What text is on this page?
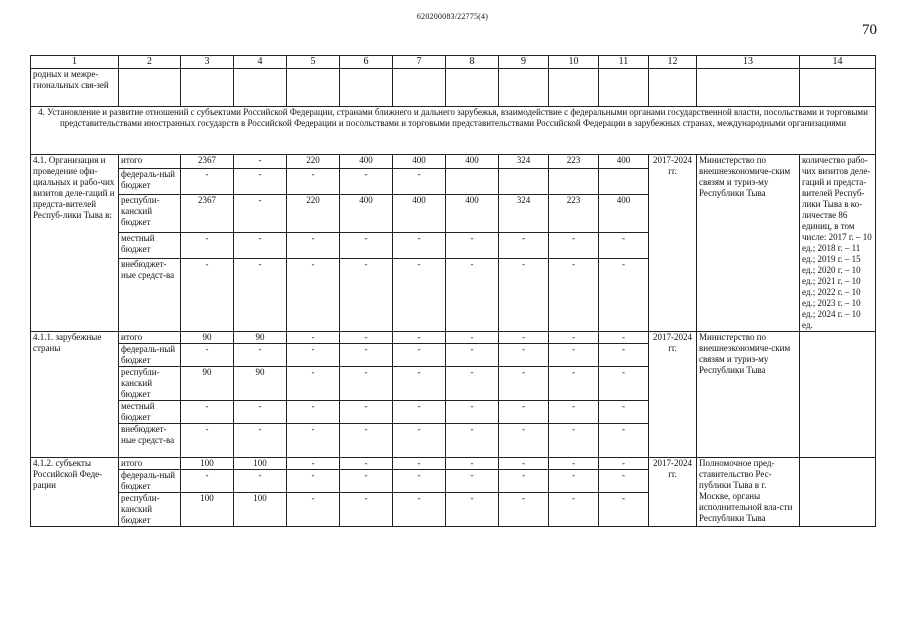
620200083/22775(4)
70
1	2	3	4	5	6	7	8	9	10	11	12	13	14
родных и межре-гиональных свя-зей													
4. Установление и развитие отношений с субъектами Российской Федерации, странами ближнего и дальнего зарубежья, взаимодействие с федеральными органами государственной власти, посольствами и торговыми представительствами иностранных государств в Российской Федерации и посольствами и торговыми представительствами Российской Федерации в зарубежных странах, международными организациями													
4.1. Организация и проведение офи-циальных и рабо-чих визитов деле-гаций и предста-вителей Респуб-лики Тыва в:	итого	2367	-	220	400	400	400	324	223	400	2017-2024 гг.	Министерство по внешнеэкономиче-ским связям и туриз-му Республики Тыва	количество рабо-чих визитов деле-гаций и предста-вителей Респуб-лики Тыва в ко-личестве 86 единиц, в том числе: 2017 г. – 10 ед.; 2018 г. – 11 ед.; 2019 г. – 15 ед.; 2020 г. – 10 ед.; 2021 г. – 10 ед.; 2022 г. – 10 ед.; 2023 г. – 10 ед.; 2024 г. – 10 ед.
	федераль-ный бюджет	-	-	-	-	-							
	республи-канский бюджет	2367	-	220	400	400	400	324	223	400			
	местный бюджет	-	-	-	-	-	-	-	-	-			
	внебюджет-ные средст-ва	-	-	-	-	-	-	-	-	-			
4.1.1. зарубежные страны	итого	90	90	-	-	-	-	-	-	-	2017-2024 гг.	Министерство по внешнеэкономиче-ским связям и туриз-му Республики Тыва	
	федераль-ный бюджет	-	-	-	-	-	-	-	-	-			
	республи-канский бюджет	90	90	-	-	-	-	-	-	-			
	местный бюджет	-	-	-	-	-	-	-	-	-			
	внебюджет-ные средст-ва	-	-	-	-	-	-	-	-	-			
4.1.2. субъекты Российской Феде-рации	итого	100	100	-	-	-	-	-	-	-	2017-2024 гг.	Полномочное пред-ставительство Рес-публики Тыва в г. Москве, органы исполнительной вла-сти Республики Тыва	
	федераль-ный бюджет	-	-	-	-	-	-	-	-	-			
	республи-канский бюджет	100	100	-	-	-	-	-	-	-			
